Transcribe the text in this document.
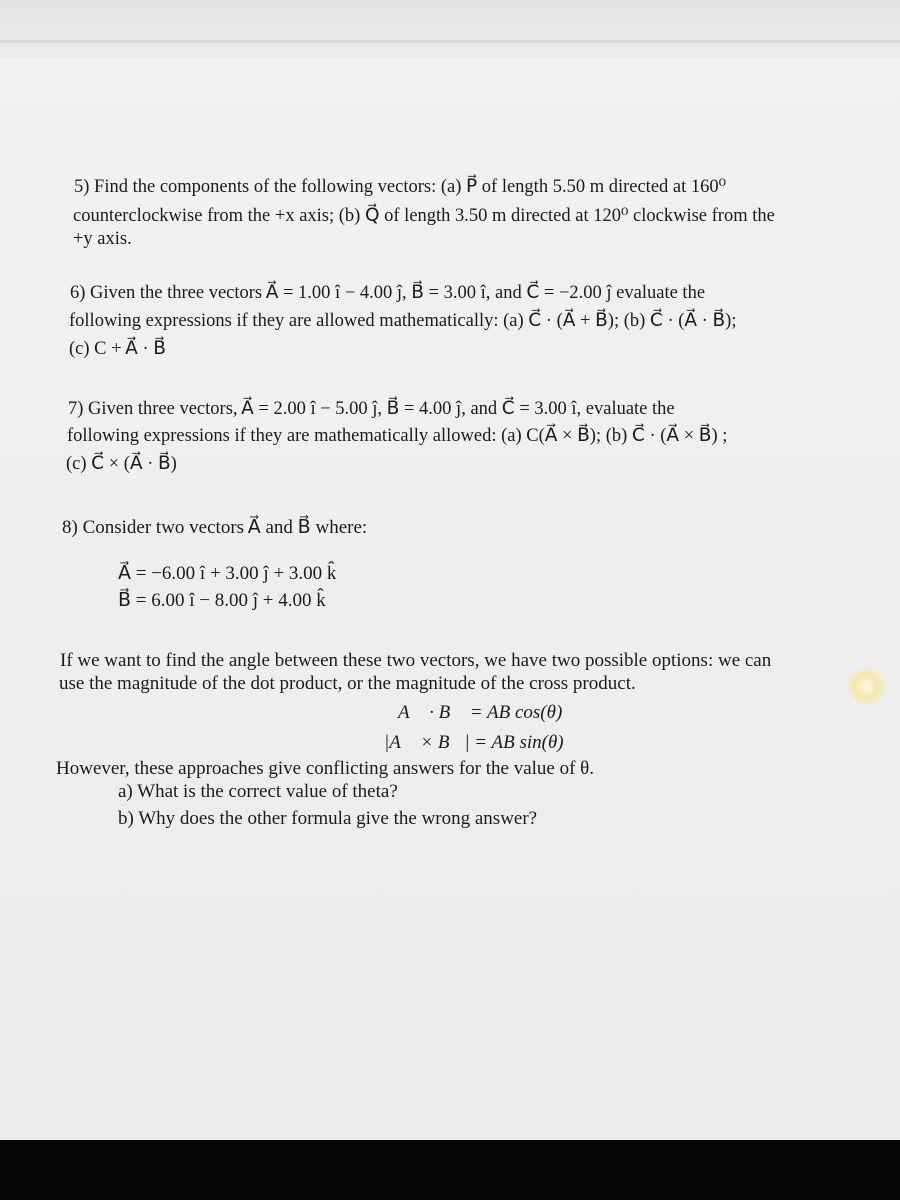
5) Find the components of the following vectors: (a) P⃗ of length 5.50 m directed at 160⁰
counterclockwise from the +x axis; (b) Q⃗ of length 3.50 m directed at 120⁰ clockwise from the
+y axis.
6) Given the three vectors A⃗ = 1.00 î − 4.00 ĵ, B⃗ = 3.00 î, and C⃗ = −2.00 ĵ evaluate the
following expressions if they are allowed mathematically: (a) C⃗ · (A⃗ + B⃗); (b) C⃗ · (A⃗ · B⃗);
(c) C + A⃗ · B⃗
7) Given three vectors, A⃗ = 2.00 î − 5.00 ĵ, B⃗ = 4.00 ĵ, and C⃗ = 3.00 î, evaluate the
following expressions if they are mathematically allowed: (a) C(A⃗ × B⃗); (b) C⃗ · (A⃗ × B⃗) ;
(c) C⃗ × (A⃗ · B⃗)
8) Consider two vectors A⃗ and B⃗ where:
A⃗ = −6.00 î + 3.00 ĵ + 3.00 k̂
B⃗ = 6.00 î − 8.00 ĵ + 4.00 k̂
If we want to find the angle between these two vectors, we have two possible options: we can
use the magnitude of the dot product, or the magnitude of the cross product.
A⃗ · B⃗ = AB cos(θ)
|A⃗ × B⃗| = AB sin(θ)
However, these approaches give conflicting answers for the value of θ.
a) What is the correct value of theta?
b) Why does the other formula give the wrong answer?
